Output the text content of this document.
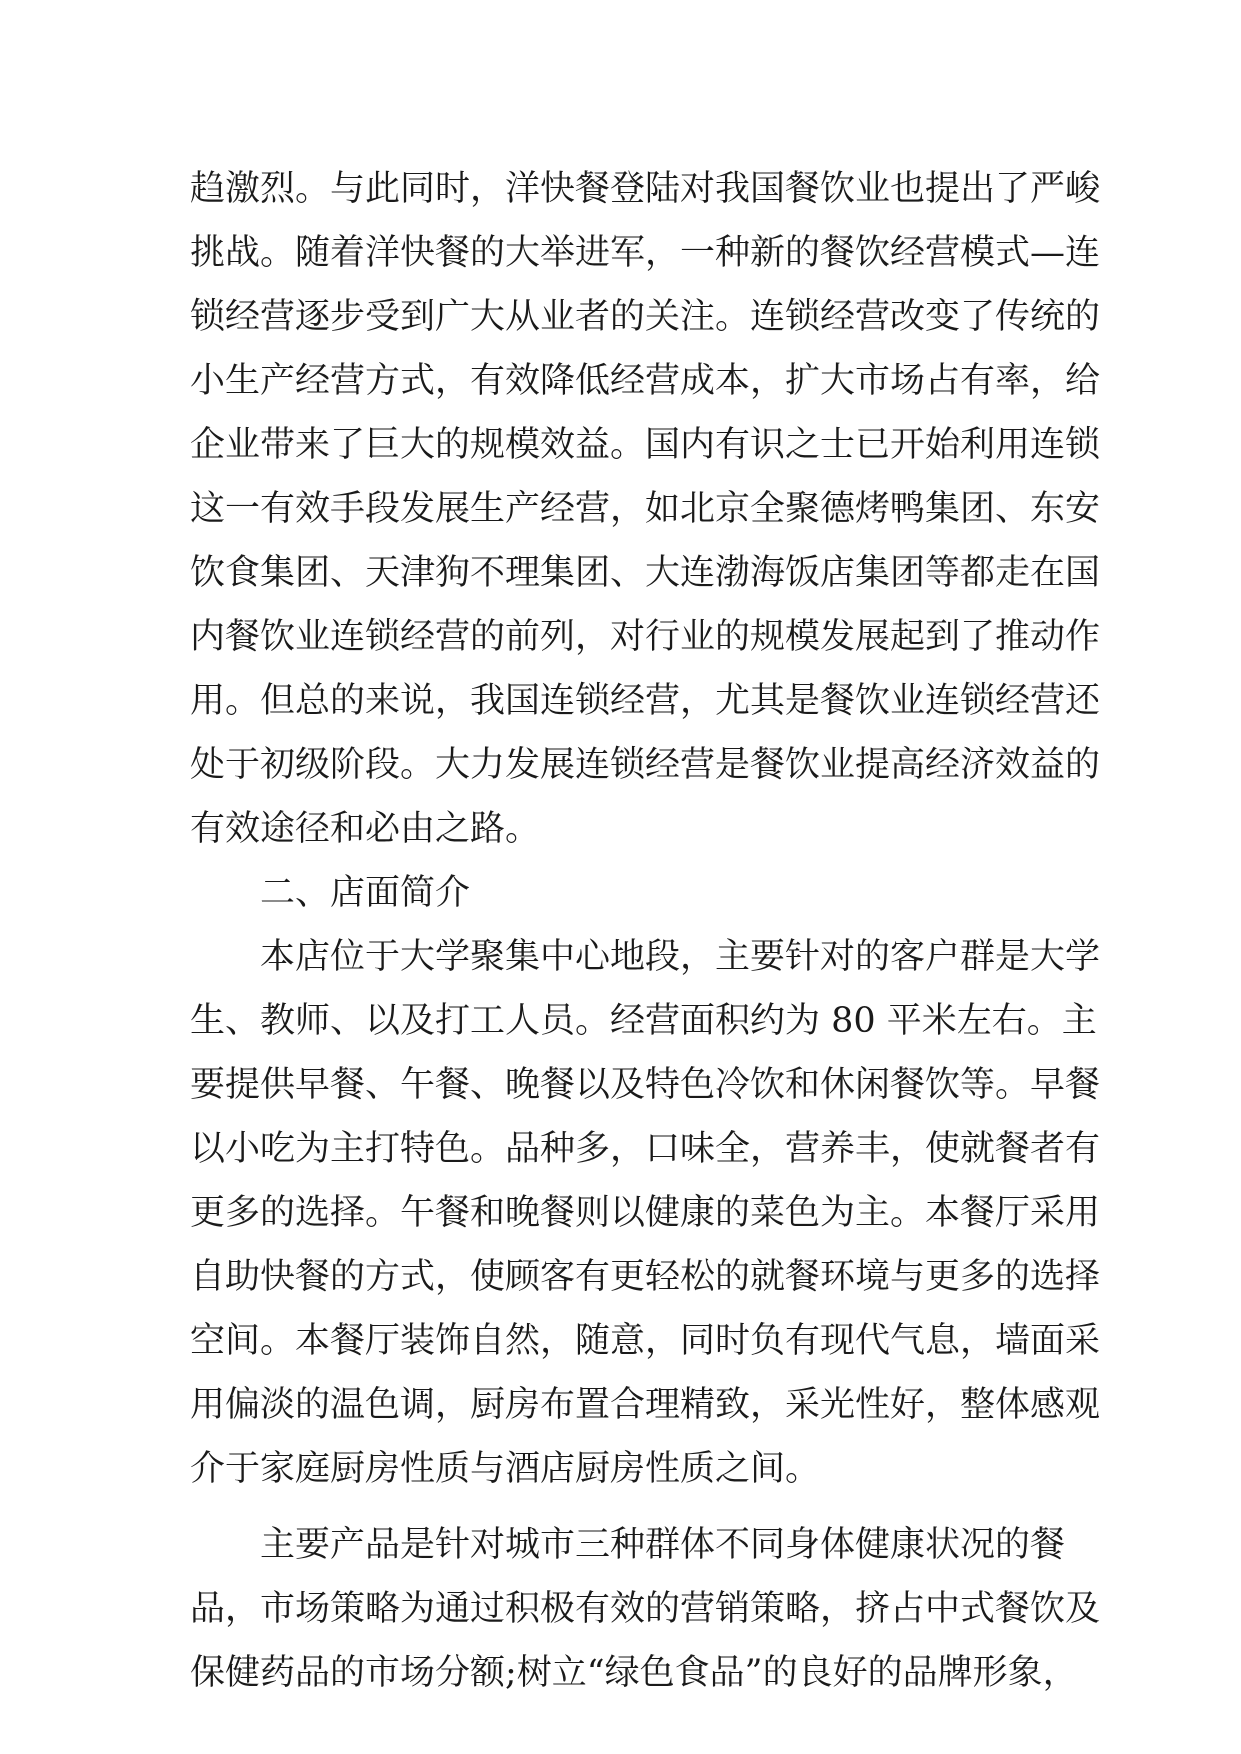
趋激烈。与此同时，洋快餐登陆对我国餐饮业也提出了严峻
挑战。随着洋快餐的大举进军，一种新的餐饮经营模式—连
锁经营逐步受到广大从业者的关注。连锁经营改变了传统的
小生产经营方式，有效降低经营成本，扩大市场占有率，给
企业带来了巨大的规模效益。国内有识之士已开始利用连锁
这一有效手段发展生产经营，如北京全聚德烤鸭集团、东安
饮食集团、天津狗不理集团、大连渤海饭店集团等都走在国
内餐饮业连锁经营的前列，对行业的规模发展起到了推动作
用。但总的来说，我国连锁经营，尤其是餐饮业连锁经营还
处于初级阶段。大力发展连锁经营是餐饮业提高经济效益的
有效途径和必由之路。
二、店面简介
本店位于大学聚集中心地段，主要针对的客户群是大学
生、教师、以及打工人员。经营面积约为 80 平米左右。主
要提供早餐、午餐、晚餐以及特色冷饮和休闲餐饮等。早餐
以小吃为主打特色。品种多，口味全，营养丰，使就餐者有
更多的选择。午餐和晚餐则以健康的菜色为主。本餐厅采用
自助快餐的方式，使顾客有更轻松的就餐环境与更多的选择
空间。本餐厅装饰自然，随意，同时负有现代气息，墙面采
用偏淡的温色调，厨房布置合理精致，采光性好，整体感观
介于家庭厨房性质与酒店厨房性质之间。
主要产品是针对城市三种群体不同身体健康状况的餐
品，市场策略为通过积极有效的营销策略，挤占中式餐饮及
保健药品的市场分额;树立“绿色食品”的良好的品牌形象，
